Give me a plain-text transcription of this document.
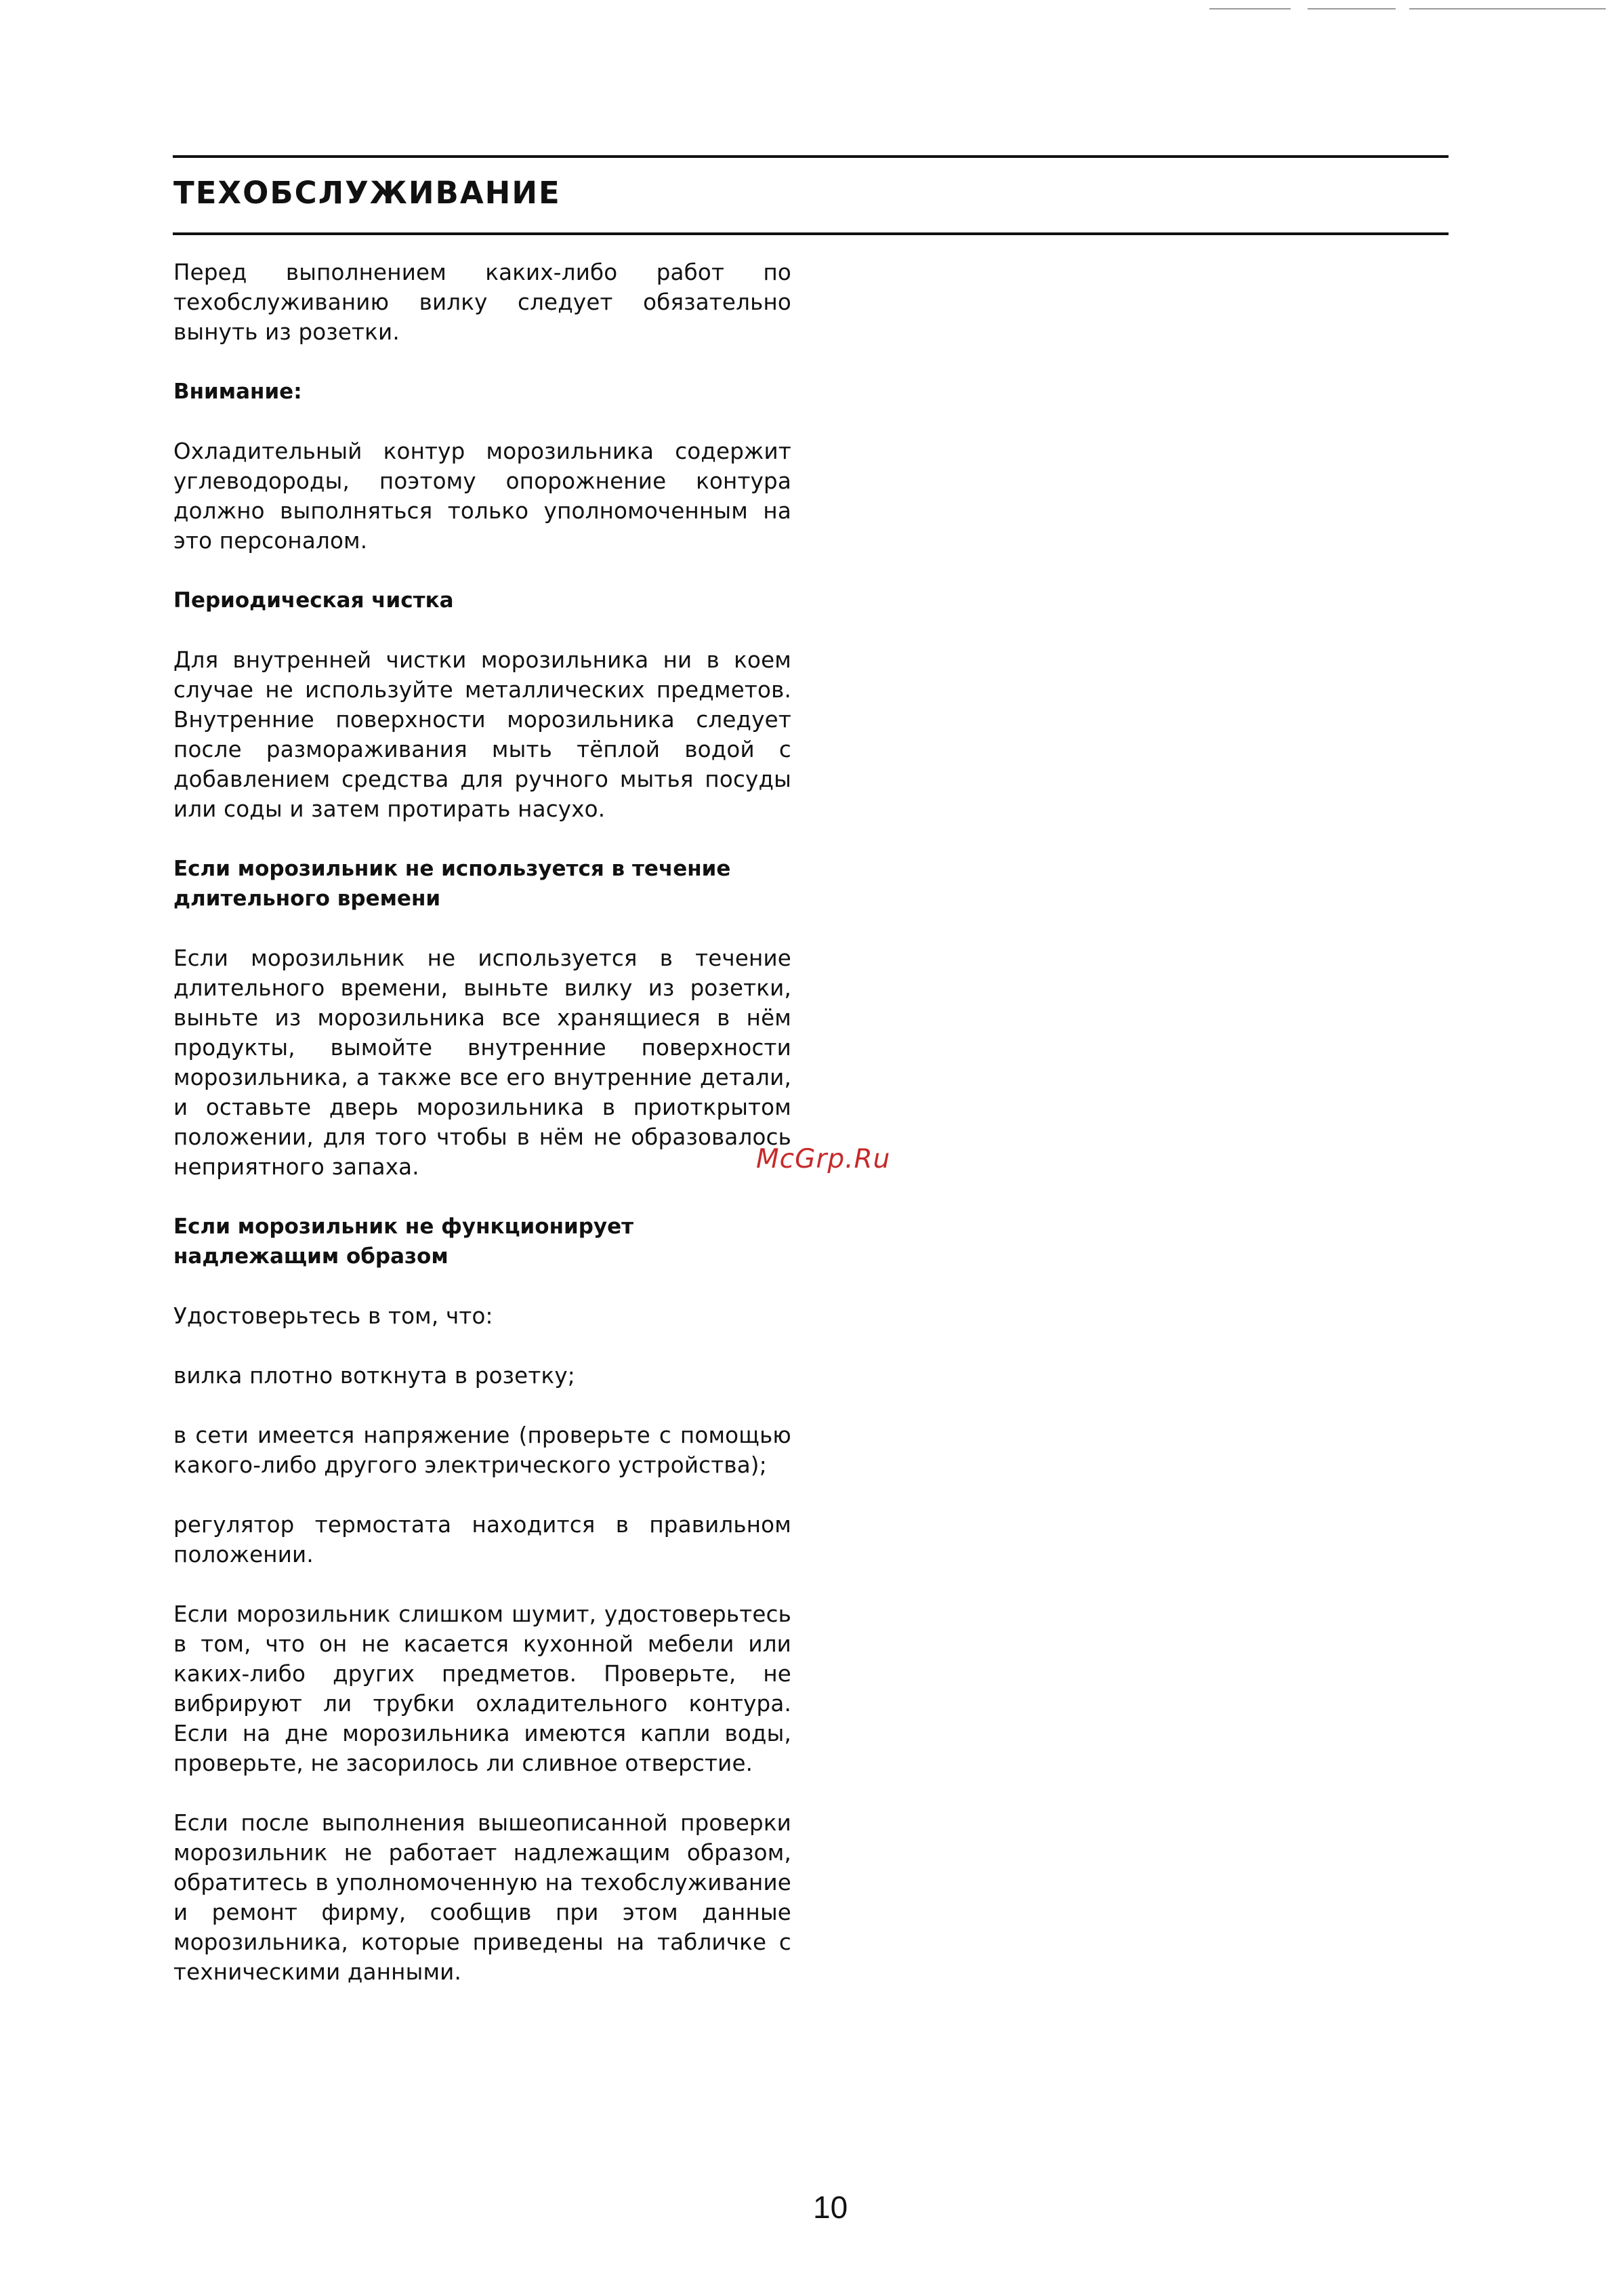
ТЕХОБСЛУЖИВАНИЕ

Перед выполнением каких-либо работ по техобслуживанию вилку следует обязательно вынуть из розетки.

Внимание:

Охладительный контур морозильника содержит углеводороды, поэтому опорожнение контура должно выполняться только уполномоченным на это персоналом.

Периодическая чистка

Для внутренней чистки морозильника ни в коем случае не используйте металлических предметов. Внутренние поверхности морозильника следует после размораживания мыть тёплой водой с добавлением средства для ручного мытья посуды или соды и затем протирать насухо.

Если морозильник не используется в течение
длительного времени

Если морозильник не используется в течение длительного времени, выньте вилку из розетки, выньте из морозильника все хранящиеся в нём продукты, вымойте внутренние поверхности морозильника, а также все его внутренние детали, и оставьте дверь морозильника в приоткрытом положении, для того чтобы в нём не образовалось неприятного запаха.

Если морозильник не функционирует
надлежащим образом

Удостоверьтесь в том, что:

вилка плотно воткнута в розетку;

в сети имеется напряжение (проверьте с помощью какого-либо другого электрического устройства);

регулятор термостата находится в правильном положении.

Если морозильник слишком шумит, удостоверьтесь в том, что он не касается кухонной мебели или каких-либо других предметов. Проверьте, не вибрируют ли трубки охладительного контура. Если на дне морозильника имеются капли воды, проверьте, не засорилось ли сливное отверстие.

Если после выполнения вышеописанной проверки морозильник не работает надлежащим образом, обратитесь в уполномоченную на техобслуживание и ремонт фирму, сообщив при этом данные морозильника, которые приведены на табличке с техническими данными.

McGrp.Ru
10
